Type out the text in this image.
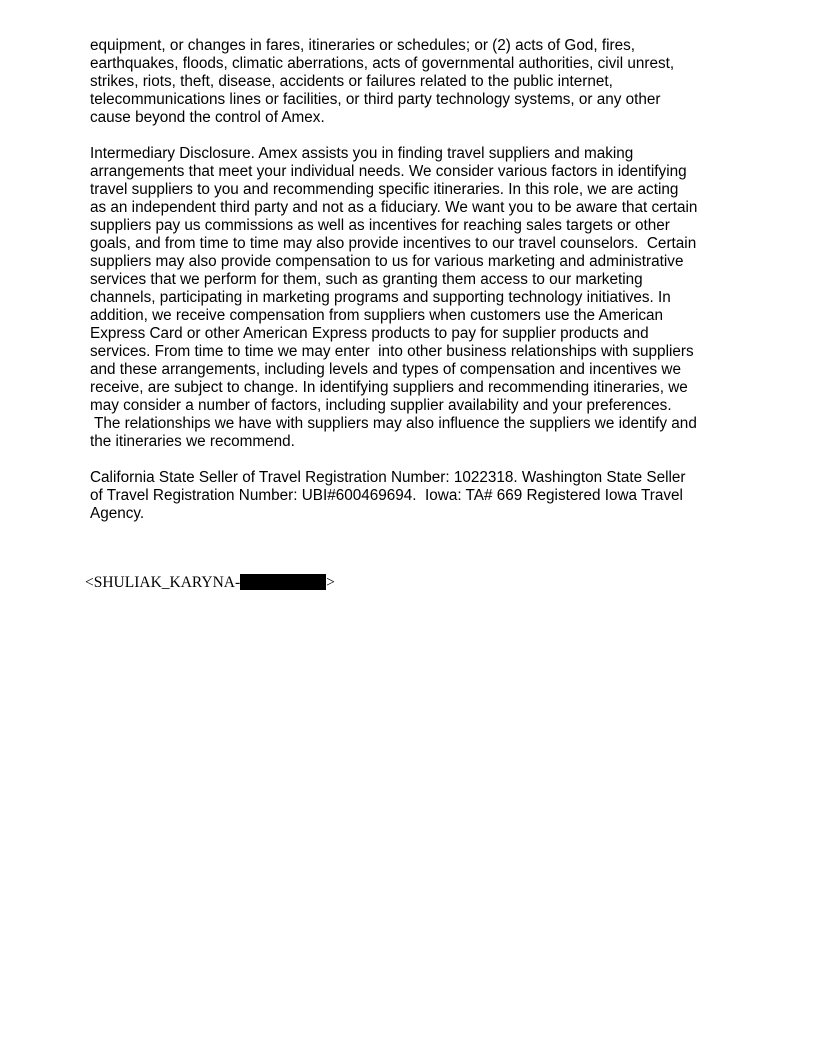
equipment, or changes in fares, itineraries or schedules; or (2) acts of God, fires,
earthquakes, floods, climatic aberrations, acts of governmental authorities, civil unrest,
strikes, riots, theft, disease, accidents or failures related to the public internet,
telecommunications lines or facilities, or third party technology systems, or any other
cause beyond the control of Amex.
Intermediary Disclosure. Amex assists you in finding travel suppliers and making
arrangements that meet your individual needs. We consider various factors in identifying
travel suppliers to you and recommending specific itineraries. In this role, we are acting
as an independent third party and not as a fiduciary. We want you to be aware that certain
suppliers pay us commissions as well as incentives for reaching sales targets or other
goals, and from time to time may also provide incentives to our travel counselors.  Certain
suppliers may also provide compensation to us for various marketing and administrative
services that we perform for them, such as granting them access to our marketing
channels, participating in marketing programs and supporting technology initiatives. In
addition, we receive compensation from suppliers when customers use the American
Express Card or other American Express products to pay for supplier products and
services. From time to time we may enter  into other business relationships with suppliers
and these arrangements, including levels and types of compensation and incentives we
receive, are subject to change. In identifying suppliers and recommending itineraries, we
may consider a number of factors, including supplier availability and your preferences.
The relationships we have with suppliers may also influence the suppliers we identify and
the itineraries we recommend.
California State Seller of Travel Registration Number: 1022318. Washington State Seller
of Travel Registration Number: UBI#600469694.  Iowa: TA# 669 Registered Iowa Travel
Agency.
<SHULIAK_KARYNA-	>
